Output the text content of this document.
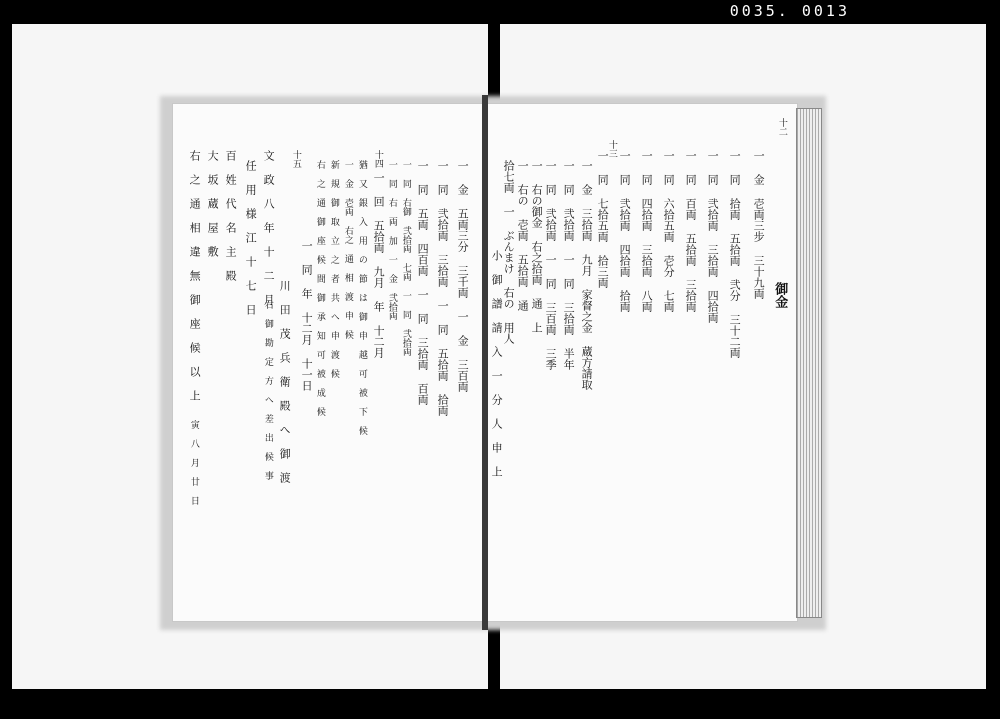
0035. 0013
十二
御金
一 金 壱両三步 三十九両
一 同 拾両 五拾両 弐分 三十二両
一 同 弐拾両 三拾両 四拾両
一 同 百両 五拾両 三拾両
一 同 六拾五両 壱分 七両
一 同 四拾両 三拾両 八両
一 同 弐拾両 四拾両 拾両
一 同 七拾五両 拾三両
十三
一 金 三拾両 九月 家督之金 蔵方請取
一 同 弐拾両 一 同 三拾両 半年
一 同 弐拾両 一 同 三百両 三季
一 右の御金 右之拾両 通 上
一 右の 壱両 五拾両 通
拾七両 一 ぶんまけ 右の 用人
小 御 譜 請 入 一 分 人 申 上
一 金 五両三分 三千両 一 金 三百両
一 同 弐拾両 三拾両 一 同 五拾両 拾両
一 同 五両 四百両 一 同 三拾両 百両
一 同 右御 弐拾両 七両 一 同 弐拾両
一 同 右 両 加 一 金 弐拾両
十四
一 回 五拾両 九月 年 十二月
猶 又 銀 入 用 の 節 は 御 申 越 可 被 下 候
一 金 壱両 右之 通 相 渡 申 候
新 規 御 取 立 之 者 共 へ 申 渡 候
右 之 通 御 座 候 間 御 承 知 可 被 成 候
十五
一 同 年 十二月 十一日
川 田 茂 兵 衛 殿 へ 御 渡
右 御 勘 定 方 へ 差 出 候 事
文 政 八 年 十 二 月
任 用 様 江 十 七 日
百 姓 代 名 主 殿
大 坂 蔵 屋 敷
右 之 通 相 違 無 御 座 候 以 上
寅 八 月 廿 日
